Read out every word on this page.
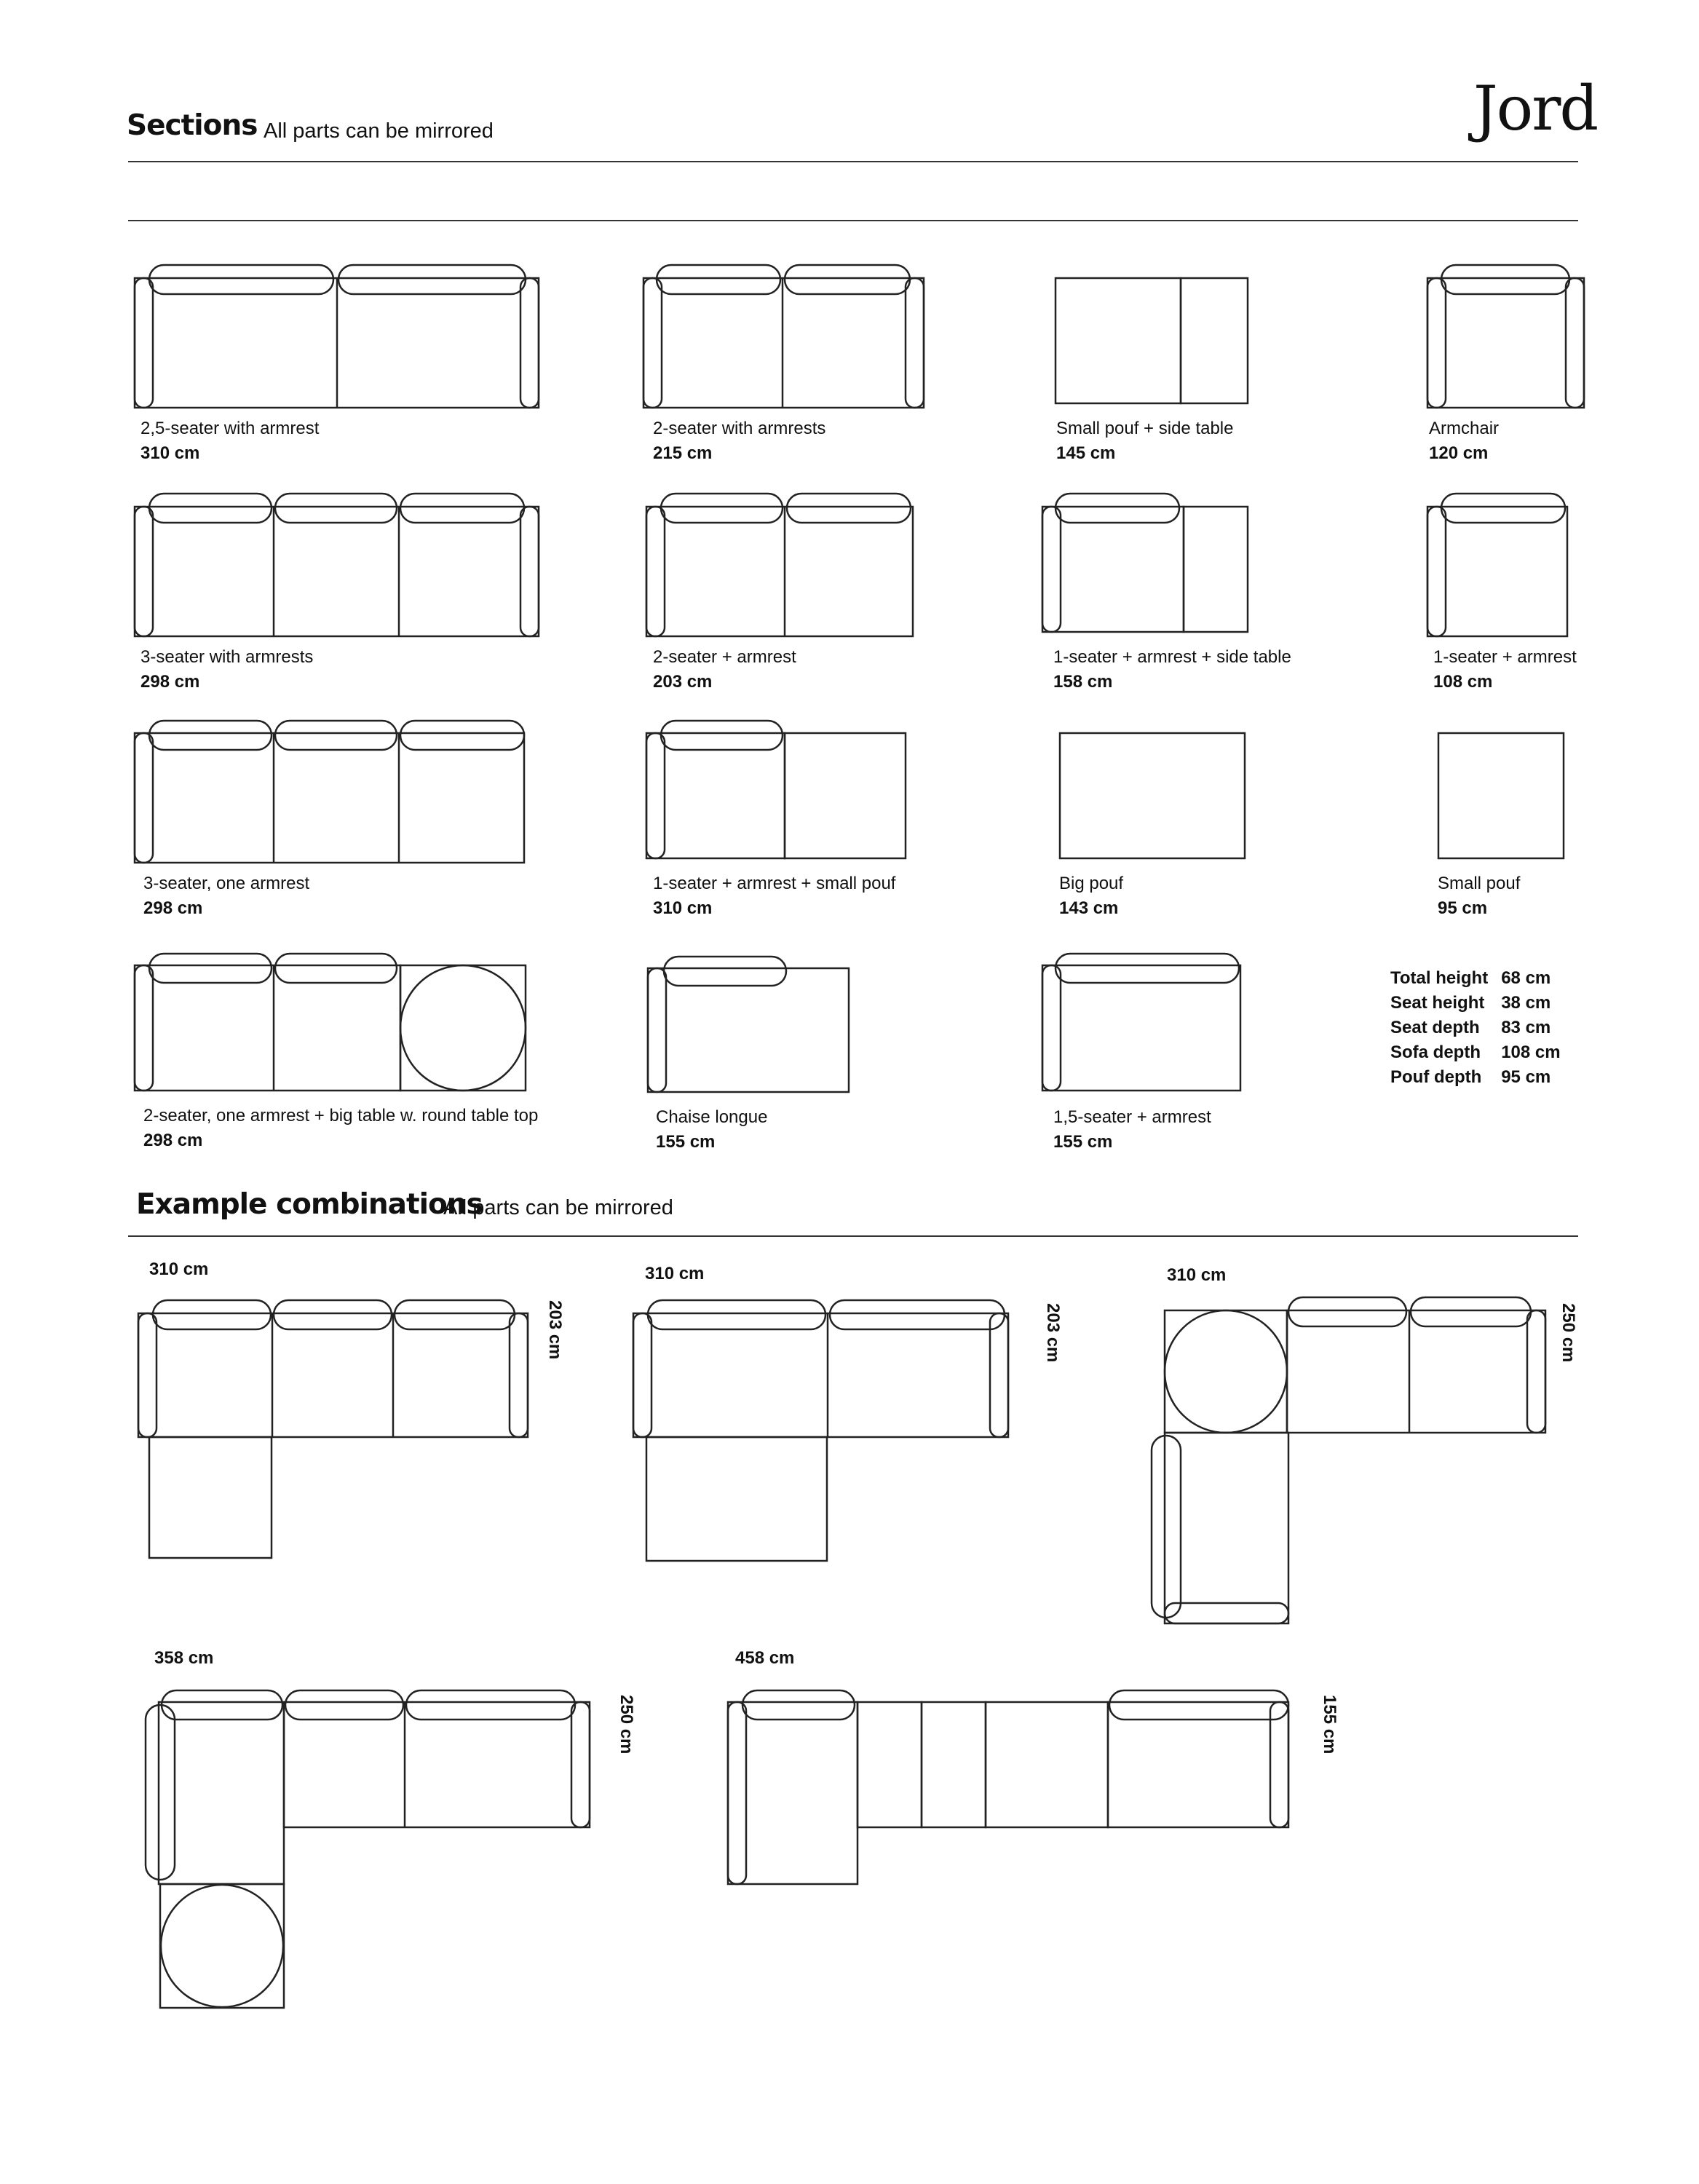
Sections All parts can be mirrored	Jord
2,5-seater with armrest
310 cm
2-seater with armrests
215 cm
Small pouf + side table
145 cm
Armchair
120 cm
3-seater with armrests
298 cm
2-seater + armrest
203 cm
1-seater + armrest + side table
158 cm
1-seater + armrest
108 cm
3-seater, one armrest
298 cm
1-seater + armrest + small pouf
310 cm
Big pouf
143 cm
Small pouf
95 cm
2-seater, one armrest + big table w. round table top
298 cm
Chaise longue
155 cm
1,5-seater + armrest
155 cm
Total height	68 cm
Seat height	38 cm
Seat depth	83 cm
Sofa depth	108 cm
Pouf depth	95 cm
Example combinations
All parts can be mirrored
310 cm
203 cm
310 cm
203 cm
310 cm
250 cm
358 cm
250 cm
458 cm
155 cm
